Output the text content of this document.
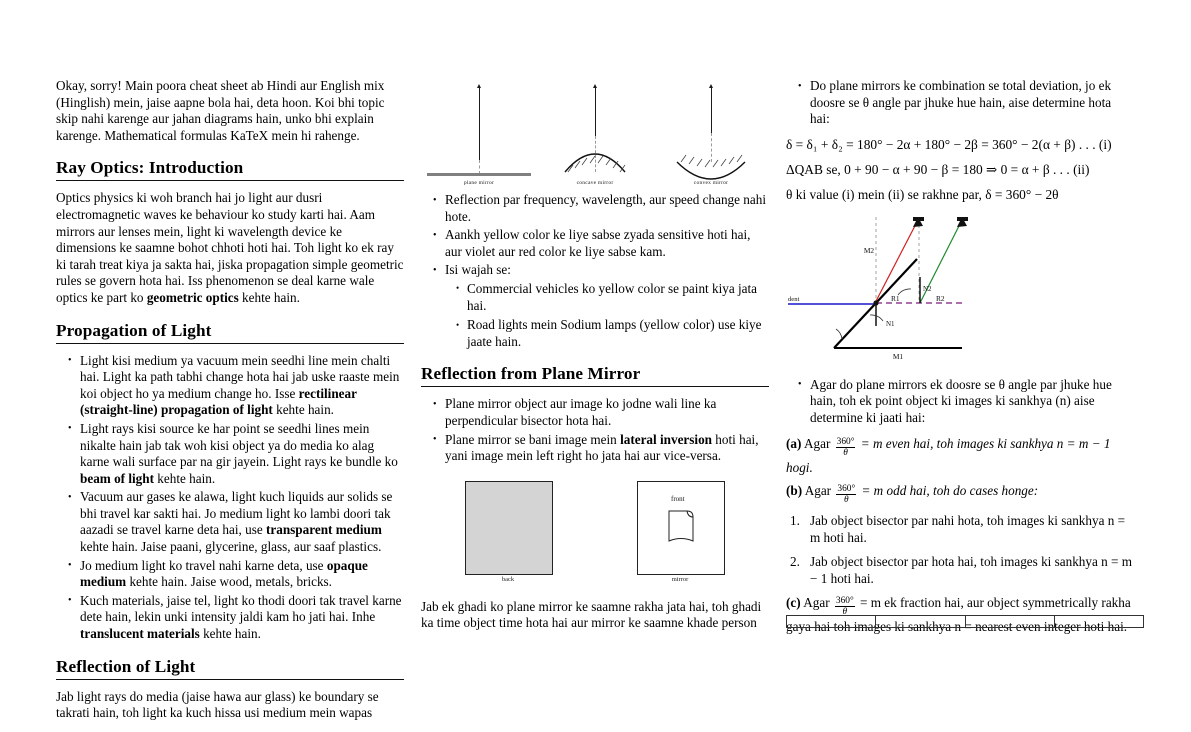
Okay, sorry! Main poora cheat sheet ab Hindi aur English mix (Hinglish) mein, jaise aapne bola hai, deta hoon. Koi bhi topic skip nahi karenge aur jahan diagrams hain, unko bhi explain karenge. Mathematical formulas KaTeX mein hi rahenge.

Ray Optics: Introduction

Optics physics ki woh branch hai jo light aur dusri electromagnetic waves ke behaviour ko study karti hai. Aam mirrors aur lenses mein, light ki wavelength device ke dimensions ke saamne bohot chhoti hoti hai. Toh light ko ek ray ki tarah treat kiya ja sakta hai, jiska propagation simple geometric rules se govern hota hai. Iss phenomenon se deal karne wale optics ke part ko geometric optics kehte hain.

Propagation of Light
• Light kisi medium ya vacuum mein seedhi line mein chalti hai. Light ka path tabhi change hota hai jab uske raaste mein koi object ho ya medium change ho. Isse rectilinear (straight-line) propagation of light kehte hain.
• Light rays kisi source ke har point se seedhi lines mein nikalte hain jab tak woh kisi object ya do media ko alag karne wali surface par na gir jayein. Light rays ke bundle ko beam of light kehte hain.
• Vacuum aur gases ke alawa, light kuch liquids aur solids se bhi travel kar sakti hai. Jo medium light ko lambi doori tak aazadi se travel karne deta hai, use transparent medium kehte hain. Jaise paani, glycerine, glass, aur saaf plastics.
• Jo medium light ko travel nahi karne deta, use opaque medium kehte hain. Jaise wood, metals, bricks.
• Kuch materials, jaise tel, light ko thodi doori tak travel karne dete hain, lekin unki intensity jaldi kam ho jati hai. Inhe translucent materials kehte hain.
Reflection of Light

Jab light rays do media (jaise hawa aur glass) ke boundary se takrati hain, toh light ka kuch hissa usi medium mein wapas

plane mirror	concave mirror	convex mirror
• Reflection par frequency, wavelength, aur speed change nahi hote.
• Aankh yellow color ke liye sabse zyada sensitive hoti hai, aur violet aur red color ke liye sabse kam.
• Isi wajah se:
• Commercial vehicles ko yellow color se paint kiya jata hai.
• Road lights mein Sodium lamps (yellow color) use kiye jaate hain.
Reflection from Plane Mirror
• Plane mirror object aur image ko jodne wali line ka perpendicular bisector hota hai.
• Plane mirror se bani image mein lateral inversion hoti hai, yani image mein left right ho jata hai aur vice-versa.
back
front
mirror

Jab ek ghadi ko plane mirror ke saamne rakha jata hai, toh ghadi ka time object time hota hai aur mirror ke saamne khade person

• Do plane mirrors ke combination se total deviation, jo ek doosre se θ angle par jhuke hue hain, aise determine hota hai:
δ = δ₁ + δ₂ = 180° − 2α + 180° − 2β = 360° − 2(α + β) . . . (i)
ΔQAB se, 0 + 90 − α + 90 − β = 180 ⇒ 0 = α + β . . . (ii)
θ ki value (i) mein (ii) se rakhne par, δ = 360° − 2θ
M2
M1
N1
N2
R1	R2
dent
• Agar do plane mirrors ek doosre se θ angle par jhuke hue hain, toh ek point object ki images ki sankhya (n) aise determine ki jaati hai:
(a) Agar $\frac{360^\circ}{\theta} = m$ even hai, toh images ki sankhya n = m − 1 hogi.
(b) Agar $\frac{360^\circ}{\theta} = m$ odd hai, toh do cases honge:
1. Jab object bisector par nahi hota, toh images ki sankhya n = m hoti hai.
2. Jab object bisector par hota hai, toh images ki sankhya n = m − 1 hoti hai.
(c) Agar $\frac{360^\circ}{\theta} = m$ ek fraction hai, aur object symmetrically rakha gaya hai toh images ki sankhya n = nearest even integer hoti hai.
